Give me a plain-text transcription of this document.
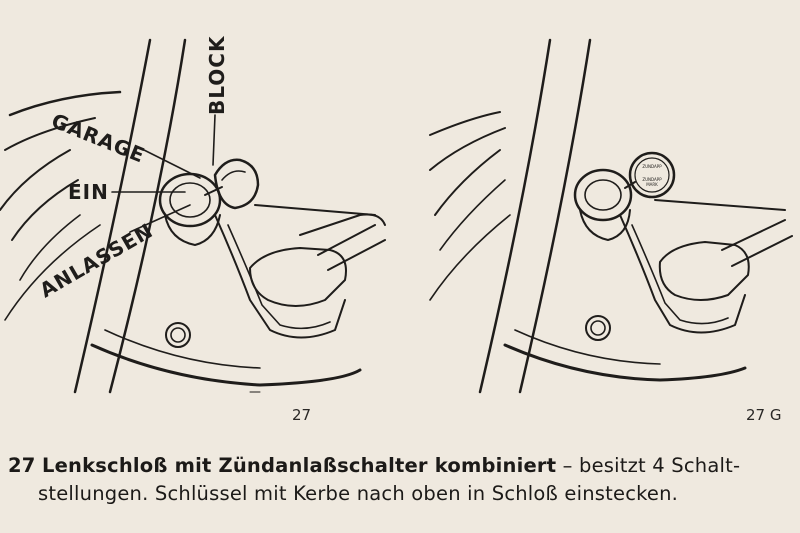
BLOCK
GARAGE
EIN
ANLASSEN
27
ZUNDAPP
ZUNDAPP
MARK
27 G
27 Lenkschloß mit Zündanlaßschalter kombiniert – besitzt 4 Schalt-
stellungen. Schlüssel mit Kerbe nach oben in Schloß einstecken.
